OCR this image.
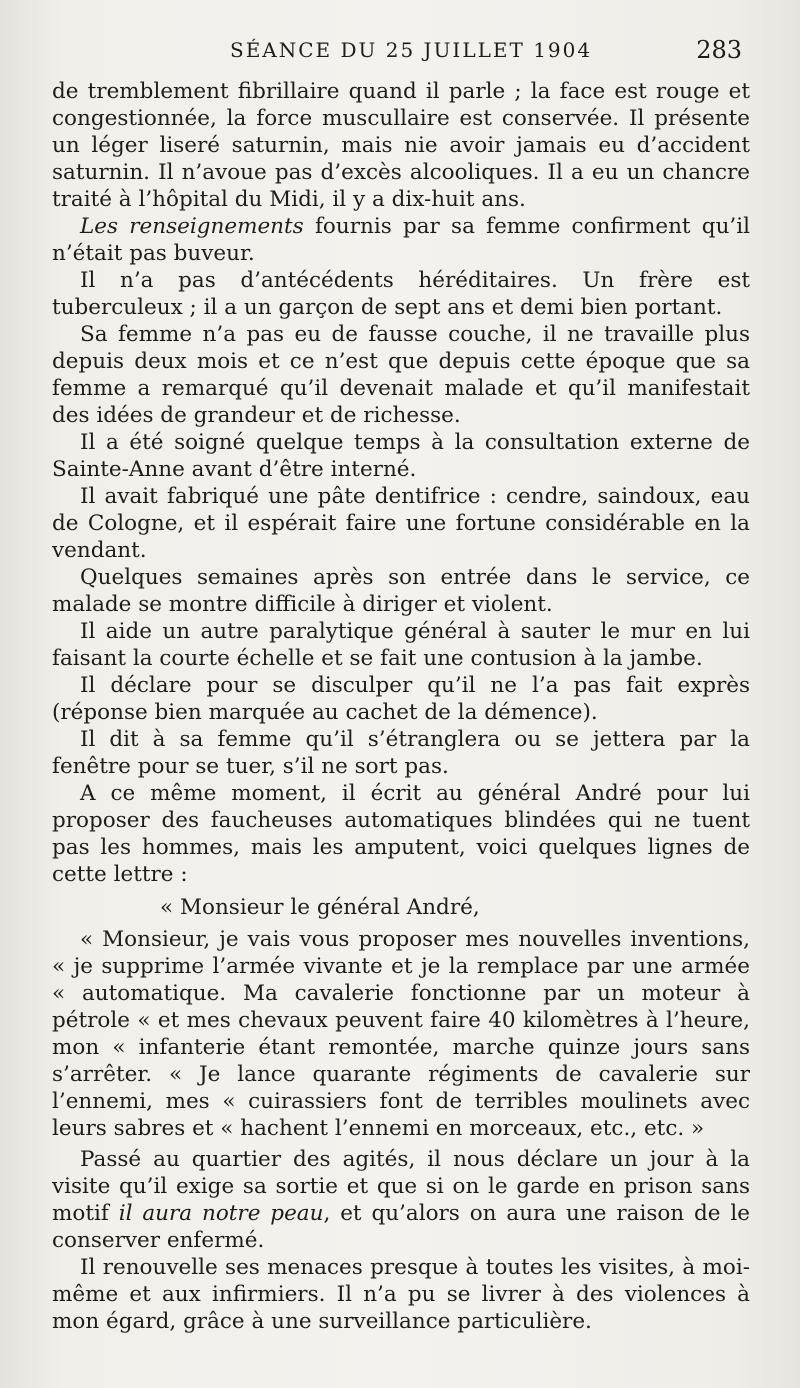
SÉANCE DU 25 JUILLET 1904	283

de tremblement fibrillaire quand il parle ; la face est rouge et congestionnée, la force muscullaire est conservée. Il présente un léger liseré saturnin, mais nie avoir jamais eu d’accident saturnin. Il n’avoue pas d’excès alcooliques. Il a eu un chancre traité à l’hôpital du Midi, il y a dix-huit ans.

Les renseignements fournis par sa femme confirment qu’il n’était pas buveur.

Il n’a pas d’antécédents héréditaires. Un frère est tuberculeux ; il a un garçon de sept ans et demi bien portant.

Sa femme n’a pas eu de fausse couche, il ne travaille plus depuis deux mois et ce n’est que depuis cette époque que sa femme a remarqué qu’il devenait malade et qu’il manifestait des idées de grandeur et de richesse.

Il a été soigné quelque temps à la consultation externe de Sainte-Anne avant d’être interné.

Il avait fabriqué une pâte dentifrice : cendre, saindoux, eau de Cologne, et il espérait faire une fortune considérable en la vendant.

Quelques semaines après son entrée dans le service, ce malade se montre difficile à diriger et violent.

Il aide un autre paralytique général à sauter le mur en lui faisant la courte échelle et se fait une contusion à la jambe.

Il déclare pour se disculper qu’il ne l’a pas fait exprès (réponse bien marquée au cachet de la démence).

Il dit à sa femme qu’il s’étranglera ou se jettera par la fenêtre pour se tuer, s’il ne sort pas.

A ce même moment, il écrit au général André pour lui proposer des faucheuses automatiques blindées qui ne tuent pas les hommes, mais les amputent, voici quelques lignes de cette lettre :

« Monsieur le général André,

« Monsieur, je vais vous proposer mes nouvelles inventions, « je supprime l’armée vivante et je la remplace par une armée « automatique. Ma cavalerie fonctionne par un moteur à pétrole « et mes chevaux peuvent faire 40 kilomètres à l’heure, mon « infanterie étant remontée, marche quinze jours sans s’arrêter. « Je lance quarante régiments de cavalerie sur l’ennemi, mes « cuirassiers font de terribles moulinets avec leurs sabres et « hachent l’ennemi en morceaux, etc., etc. »

Passé au quartier des agités, il nous déclare un jour à la visite qu’il exige sa sortie et que si on le garde en prison sans motif il aura notre peau, et qu’alors on aura une raison de le conserver enfermé.

Il renouvelle ses menaces presque à toutes les visites, à moi-même et aux infirmiers. Il n’a pu se livrer à des violences à mon égard, grâce à une surveillance particulière.
